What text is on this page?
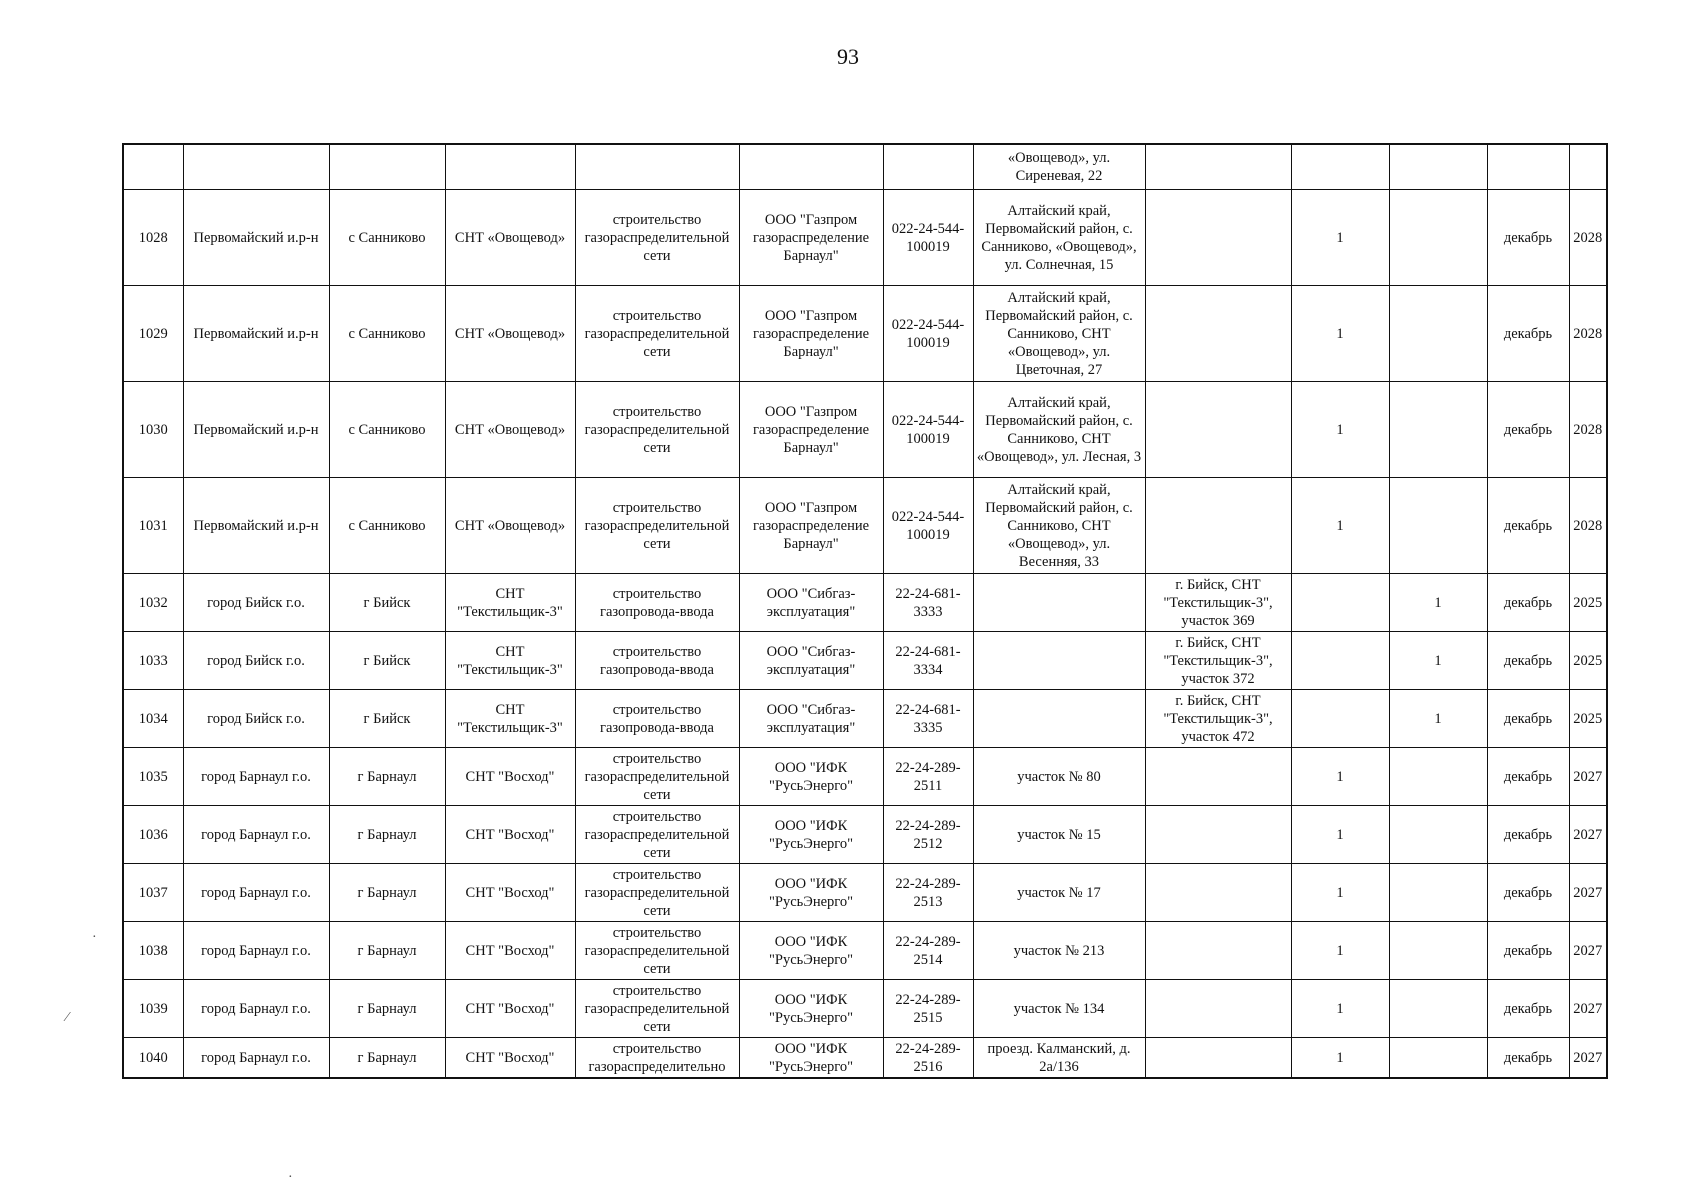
93
							«Овощевод», ул. Сиреневая, 22					
1028	Первомайский и.р-н	с Санниково	СНТ «Овощевод»	строительство газораспределительной сети	ООО "Газпром газораспределение Барнаул"	022-24-544-100019	Алтайский край, Первомайский район, с. Санниково, «Овощевод», ул. Солнечная, 15		1		декабрь	2028
1029	Первомайский и.р-н	с Санниково	СНТ «Овощевод»	строительство газораспределительной сети	ООО "Газпром газораспределение Барнаул"	022-24-544-100019	Алтайский край, Первомайский район, с. Санниково, СНТ «Овощевод», ул. Цветочная, 27		1		декабрь	2028
1030	Первомайский и.р-н	с Санниково	СНТ «Овощевод»	строительство газораспределительной сети	ООО "Газпром газораспределение Барнаул"	022-24-544-100019	Алтайский край, Первомайский район, с. Санниково, СНТ «Овощевод», ул. Лесная, 3		1		декабрь	2028
1031	Первомайский и.р-н	с Санниково	СНТ «Овощевод»	строительство газораспределительной сети	ООО "Газпром газораспределение Барнаул"	022-24-544-100019	Алтайский край, Первомайский район, с. Санниково, СНТ «Овощевод», ул. Весенняя, 33		1		декабрь	2028
1032	город Бийск г.о.	г Бийск	СНТ "Текстильщик-3"	строительство газопровода-ввода	ООО "Сибгаз-эксплуатация"	22-24-681-3333		г. Бийск, СНТ "Текстильщик-3", участок 369		1	декабрь	2025
1033	город Бийск г.о.	г Бийск	СНТ "Текстильщик-3"	строительство газопровода-ввода	ООО "Сибгаз-эксплуатация"	22-24-681-3334		г. Бийск, СНТ "Текстильщик-3", участок 372		1	декабрь	2025
1034	город Бийск г.о.	г Бийск	СНТ "Текстильщик-3"	строительство газопровода-ввода	ООО "Сибгаз-эксплуатация"	22-24-681-3335		г. Бийск, СНТ "Текстильщик-3", участок 472		1	декабрь	2025
1035	город Барнаул г.о.	г Барнаул	СНТ "Восход"	строительство газораспределительной сети	ООО "ИФК "РусьЭнерго"	22-24-289-2511	участок № 80		1		декабрь	2027
1036	город Барнаул г.о.	г Барнаул	СНТ "Восход"	строительство газораспределительной сети	ООО "ИФК "РусьЭнерго"	22-24-289-2512	участок № 15		1		декабрь	2027
1037	город Барнаул г.о.	г Барнаул	СНТ "Восход"	строительство газораспределительной сети	ООО "ИФК "РусьЭнерго"	22-24-289-2513	участок № 17		1		декабрь	2027
1038	город Барнаул г.о.	г Барнаул	СНТ "Восход"	строительство газораспределительной сети	ООО "ИФК "РусьЭнерго"	22-24-289-2514	участок № 213		1		декабрь	2027
1039	город Барнаул г.о.	г Барнаул	СНТ "Восход"	строительство газораспределительной сети	ООО "ИФК "РусьЭнерго"	22-24-289-2515	участок № 134		1		декабрь	2027
1040	город Барнаул г.о.	г Барнаул	СНТ "Восход"	строительство газораспределительно	ООО "ИФК "РусьЭнерго"	22-24-289-2516	проезд. Калманский, д. 2а/136		1		декабрь	2027
·
⁄
·
